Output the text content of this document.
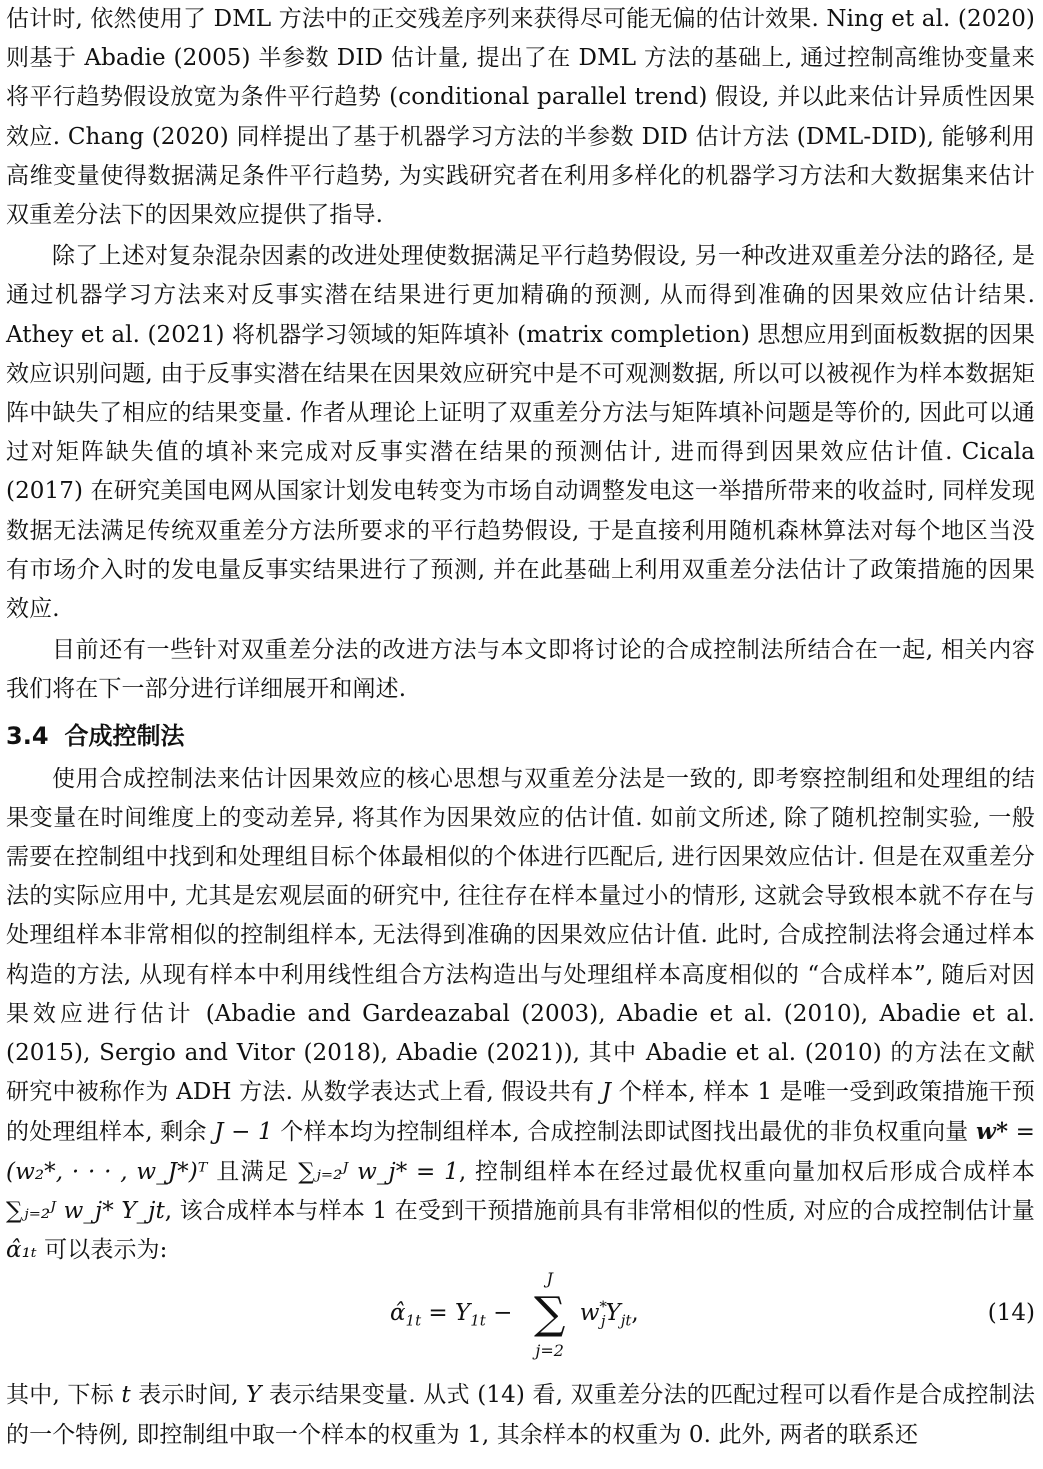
估计时, 依然使用了 DML 方法中的正交残差序列来获得尽可能无偏的估计效果. Ning et al. (2020) 则基于 Abadie (2005) 半参数 DID 估计量, 提出了在 DML 方法的基础上, 通过控制高维协变量来将平行趋势假设放宽为条件平行趋势 (conditional parallel trend) 假设, 并以此来估计异质性因果效应. Chang (2020) 同样提出了基于机器学习方法的半参数 DID 估计方法 (DML-DID), 能够利用高维变量使得数据满足条件平行趋势, 为实践研究者在利用多样化的机器学习方法和大数据集来估计双重差分法下的因果效应提供了指导.

除了上述对复杂混杂因素的改进处理使数据满足平行趋势假设, 另一种改进双重差分法的路径, 是通过机器学习方法来对反事实潜在结果进行更加精确的预测, 从而得到准确的因果效应估计结果. Athey et al. (2021) 将机器学习领域的矩阵填补 (matrix completion) 思想应用到面板数据的因果效应识别问题, 由于反事实潜在结果在因果效应研究中是不可观测数据, 所以可以被视作为样本数据矩阵中缺失了相应的结果变量. 作者从理论上证明了双重差分方法与矩阵填补问题是等价的, 因此可以通过对矩阵缺失值的填补来完成对反事实潜在结果的预测估计, 进而得到因果效应估计值. Cicala (2017) 在研究美国电网从国家计划发电转变为市场自动调整发电这一举措所带来的收益时, 同样发现数据无法满足传统双重差分方法所要求的平行趋势假设, 于是直接利用随机森林算法对每个地区当没有市场介入时的发电量反事实结果进行了预测, 并在此基础上利用双重差分法估计了政策措施的因果效应.

目前还有一些针对双重差分法的改进方法与本文即将讨论的合成控制法所结合在一起, 相关内容我们将在下一部分进行详细展开和阐述.

3.4 合成控制法

使用合成控制法来估计因果效应的核心思想与双重差分法是一致的, 即考察控制组和处理组的结果变量在时间维度上的变动差异, 将其作为因果效应的估计值. 如前文所述, 除了随机控制实验, 一般需要在控制组中找到和处理组目标个体最相似的个体进行匹配后, 进行因果效应估计. 但是在双重差分法的实际应用中, 尤其是宏观层面的研究中, 往往存在样本量过小的情形, 这就会导致根本就不存在与处理组样本非常相似的控制组样本, 无法得到准确的因果效应估计值. 此时, 合成控制法将会通过样本构造的方法, 从现有样本中利用线性组合方法构造出与处理组样本高度相似的 “合成样本”, 随后对因果效应进行估计 (Abadie and Gardeazabal (2003), Abadie et al. (2010), Abadie et al. (2015), Sergio and Vitor (2018), Abadie (2021)), 其中 Abadie et al. (2010) 的方法在文献研究中被称作为 ADH 方法. 从数学表达式上看, 假设共有 J 个样本, 样本 1 是唯一受到政策措施干预的处理组样本, 剩余 J − 1 个样本均为控制组样本, 合成控制法即试图找出最优的非负权重向量 w* = (w₂*, · · · , w_J*)ᵀ 且满足 ∑ⱼ₌₂ᴶ w_j* = 1, 控制组样本在经过最优权重向量加权后形成合成样本 ∑ⱼ₌₂ᴶ w_j* Y_jt, 该合成样本与样本 1 在受到干预措施前具有非常相似的性质, 对应的合成控制估计量 α̂₁ₜ 可以表示为:

$\alphâ_{1t} = Y_{1t}$ −
J
∑
j=2
$w^*_jY_{jt}$,	(14)

其中, 下标 t 表示时间, Y 表示结果变量. 从式 (14) 看, 双重差分法的匹配过程可以看作是合成控制法的一个特例, 即控制组中取一个样本的权重为 1, 其余样本的权重为 0. 此外, 两者的联系还
